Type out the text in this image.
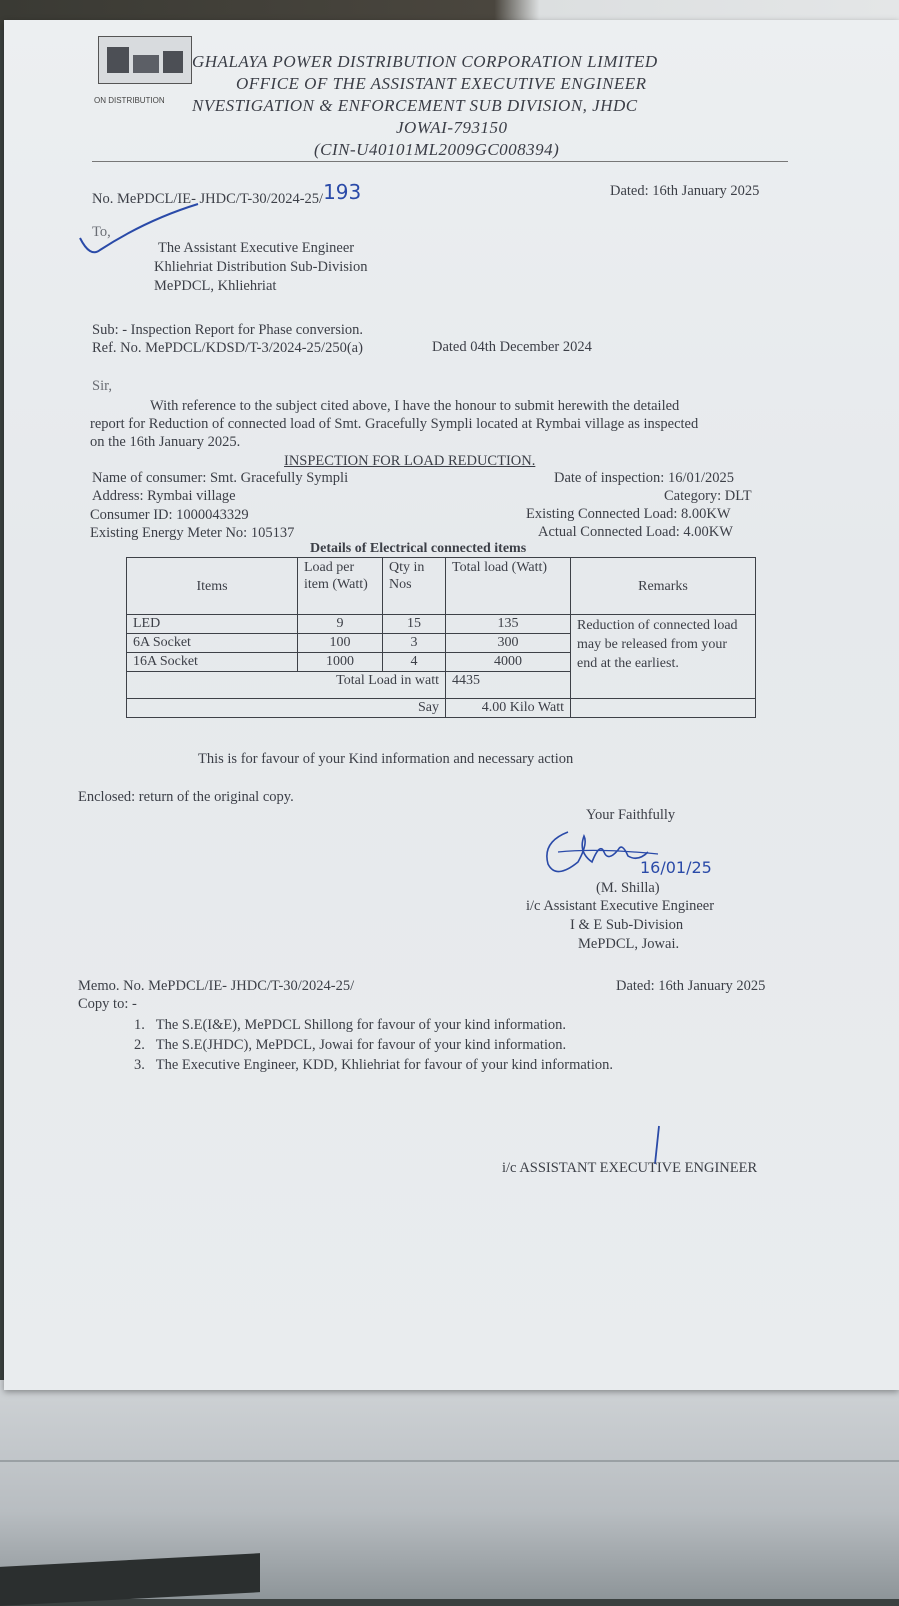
ON DISTRIBUTION
GHALAYA POWER DISTRIBUTION CORPORATION LIMITED
OFFICE OF THE ASSISTANT EXECUTIVE ENGINEER
NVESTIGATION & ENFORCEMENT SUB DIVISION, JHDC
JOWAI-793150
(CIN-U40101ML2009GC008394)
No. MePDCL/IE- JHDC/T-30/2024-25/193	Dated: 16th January 2025
To,
The Assistant Executive Engineer
Khliehriat Distribution Sub-Division
MePDCL, Khliehriat
Sub: - Inspection Report for Phase conversion.
Ref. No. MePDCL/KDSD/T-3/2024-25/250(a)	Dated 04th December 2024
Sir,
With reference to the subject cited above, I have the honour to submit herewith the detailed
report for Reduction of connected load of Smt. Gracefully Sympli located at Rymbai village as inspected
on the 16th January 2025.
INSPECTION FOR LOAD REDUCTION.
Name of consumer: Smt. Gracefully Sympli
Address: Rymbai village
Consumer ID: 1000043329
Existing Energy Meter No: 105137
Date of inspection: 16/01/2025
Category: DLT
Existing Connected Load: 8.00KW
Actual Connected Load: 4.00KW
Details of Electrical connected items
Items	Load per item (Watt)	Qty in Nos	Total load (Watt)	Remarks
LED	9	15	135	Reduction of connected load may be released from your end at the earliest.

6A Socket	100	3	300	
16A Socket	1000	4	4000	
Total Load in watt			4435	
Say			4.00 Kilo Watt	
This is for favour of your Kind information and necessary action
Enclosed: return of the original copy.
Your Faithfully
16/01/25
(M. Shilla)
i/c Assistant Executive Engineer
I & E Sub-Division
MePDCL, Jowai.
Memo. No. MePDCL/IE- JHDC/T-30/2024-25/	Dated: 16th January 2025
Copy to: -
1.   The S.E(I&E), MePDCL Shillong for favour of your kind information.
2.   The S.E(JHDC), MePDCL, Jowai for favour of your kind information.
3.   The Executive Engineer, KDD, Khliehriat for favour of your kind information.
i/c ASSISTANT EXECUTIVE ENGINEER
